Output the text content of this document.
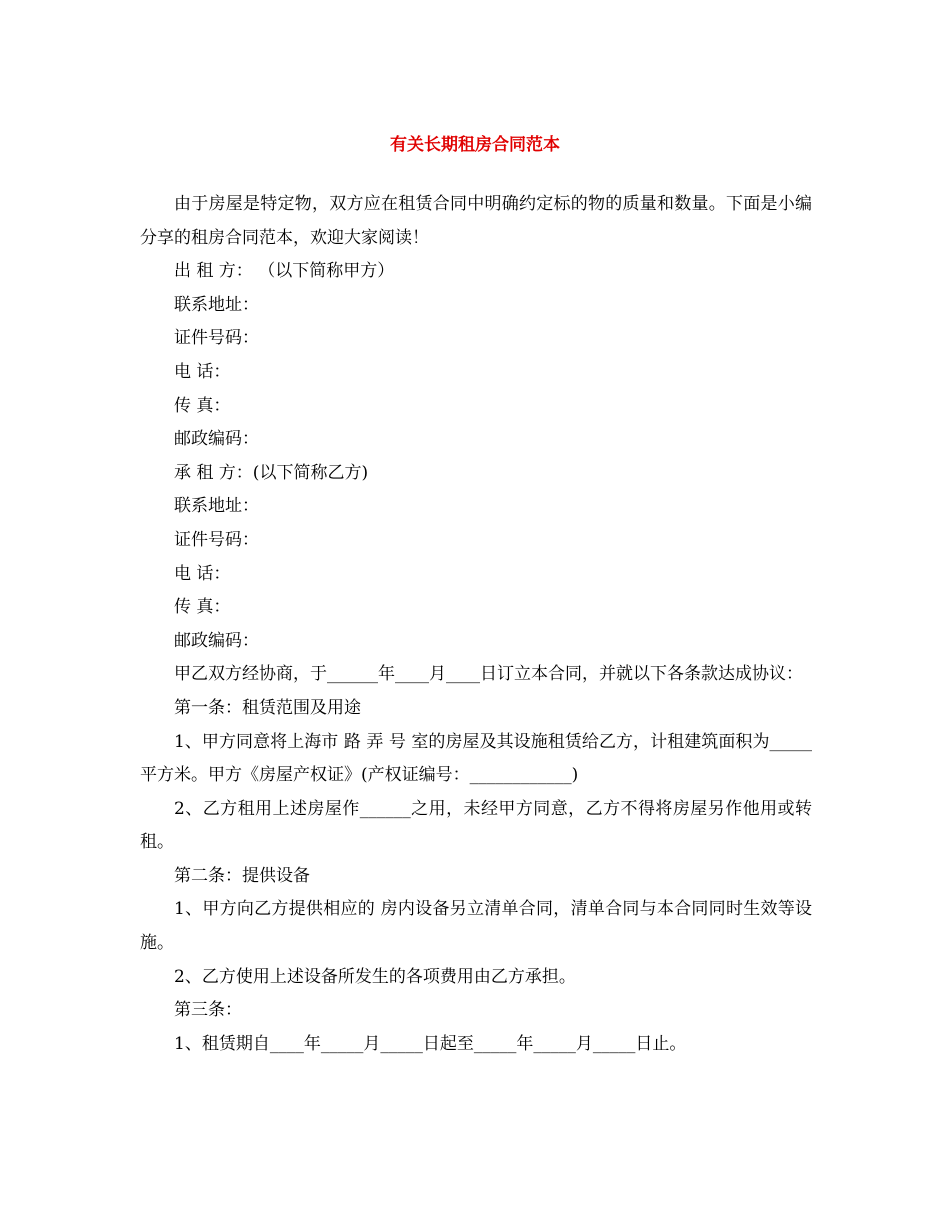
有关长期租房合同范本

由于房屋是特定物，双方应在租赁合同中明确约定标的物的质量和数量。下面是小编分享的租房合同范本，欢迎大家阅读！

出 租 方： （以下简称甲方）

联系地址：

证件号码：

电 话：

传 真：

邮政编码：

承 租 方：(以下简称乙方)

联系地址：

证件号码：

电 话：

传 真：

邮政编码：

甲乙双方经协商，于______年____月____日订立本合同，并就以下各条款达成协议：

第一条：租赁范围及用途

1、甲方同意将上海市 路 弄 号 室的房屋及其设施租赁给乙方，计租建筑面积为_____平方米。甲方《房屋产权证》(产权证编号：____________)

2、乙方租用上述房屋作______之用，未经甲方同意，乙方不得将房屋另作他用或转租。

第二条：提供设备

1、甲方向乙方提供相应的 房内设备另立清单合同，清单合同与本合同同时生效等设施。

2、乙方使用上述设备所发生的各项费用由乙方承担。

第三条：

1、租赁期自____年_____月_____日起至_____年_____月_____日止。
